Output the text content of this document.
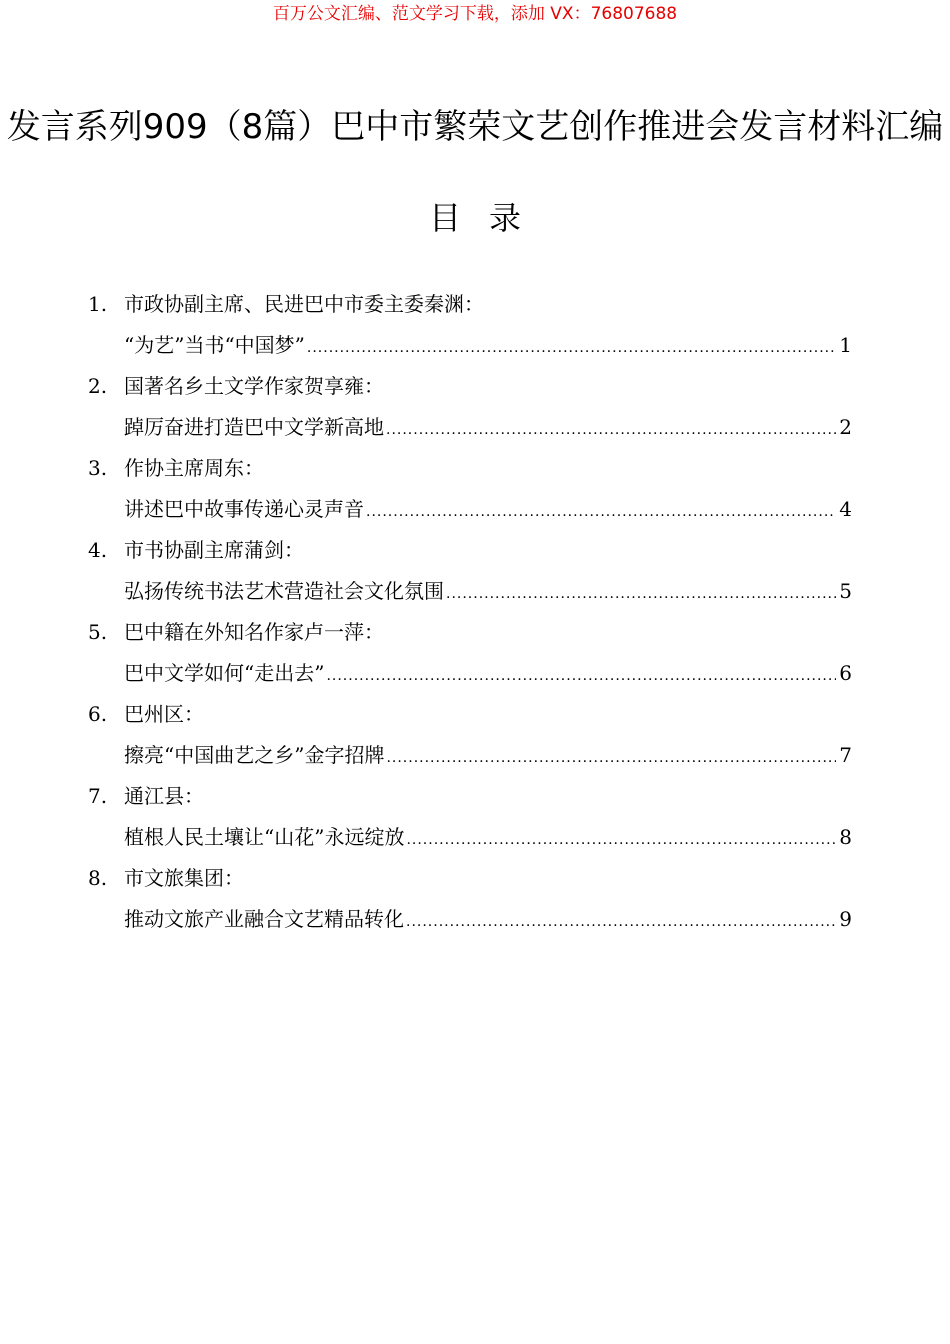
百万公文汇编、范文学习下载，添加 VX：76807688
发言系列909（8篇）巴中市繁荣文艺创作推进会发言材料汇编
目录
1. 市政协副主席、民进巴中市委主委秦渊：
“为艺”当书“中国梦” .....	1
2. 国著名乡土文学作家贺享雍：
踔厉奋进打造巴中文学新高地 .....	2
3. 作协主席周东：
讲述巴中故事传递心灵声音 .....	4
4. 市书协副主席蒲剑：
弘扬传统书法艺术营造社会文化氛围 .....	5
5. 巴中籍在外知名作家卢一萍：
巴中文学如何“走出去” .....	6
6. 巴州区：
擦亮“中国曲艺之乡”金字招牌 .....	7
7. 通江县：
植根人民土壤让“山花”永远绽放 .....	8
8. 市文旅集团：
推动文旅产业融合文艺精品转化 .....	9
